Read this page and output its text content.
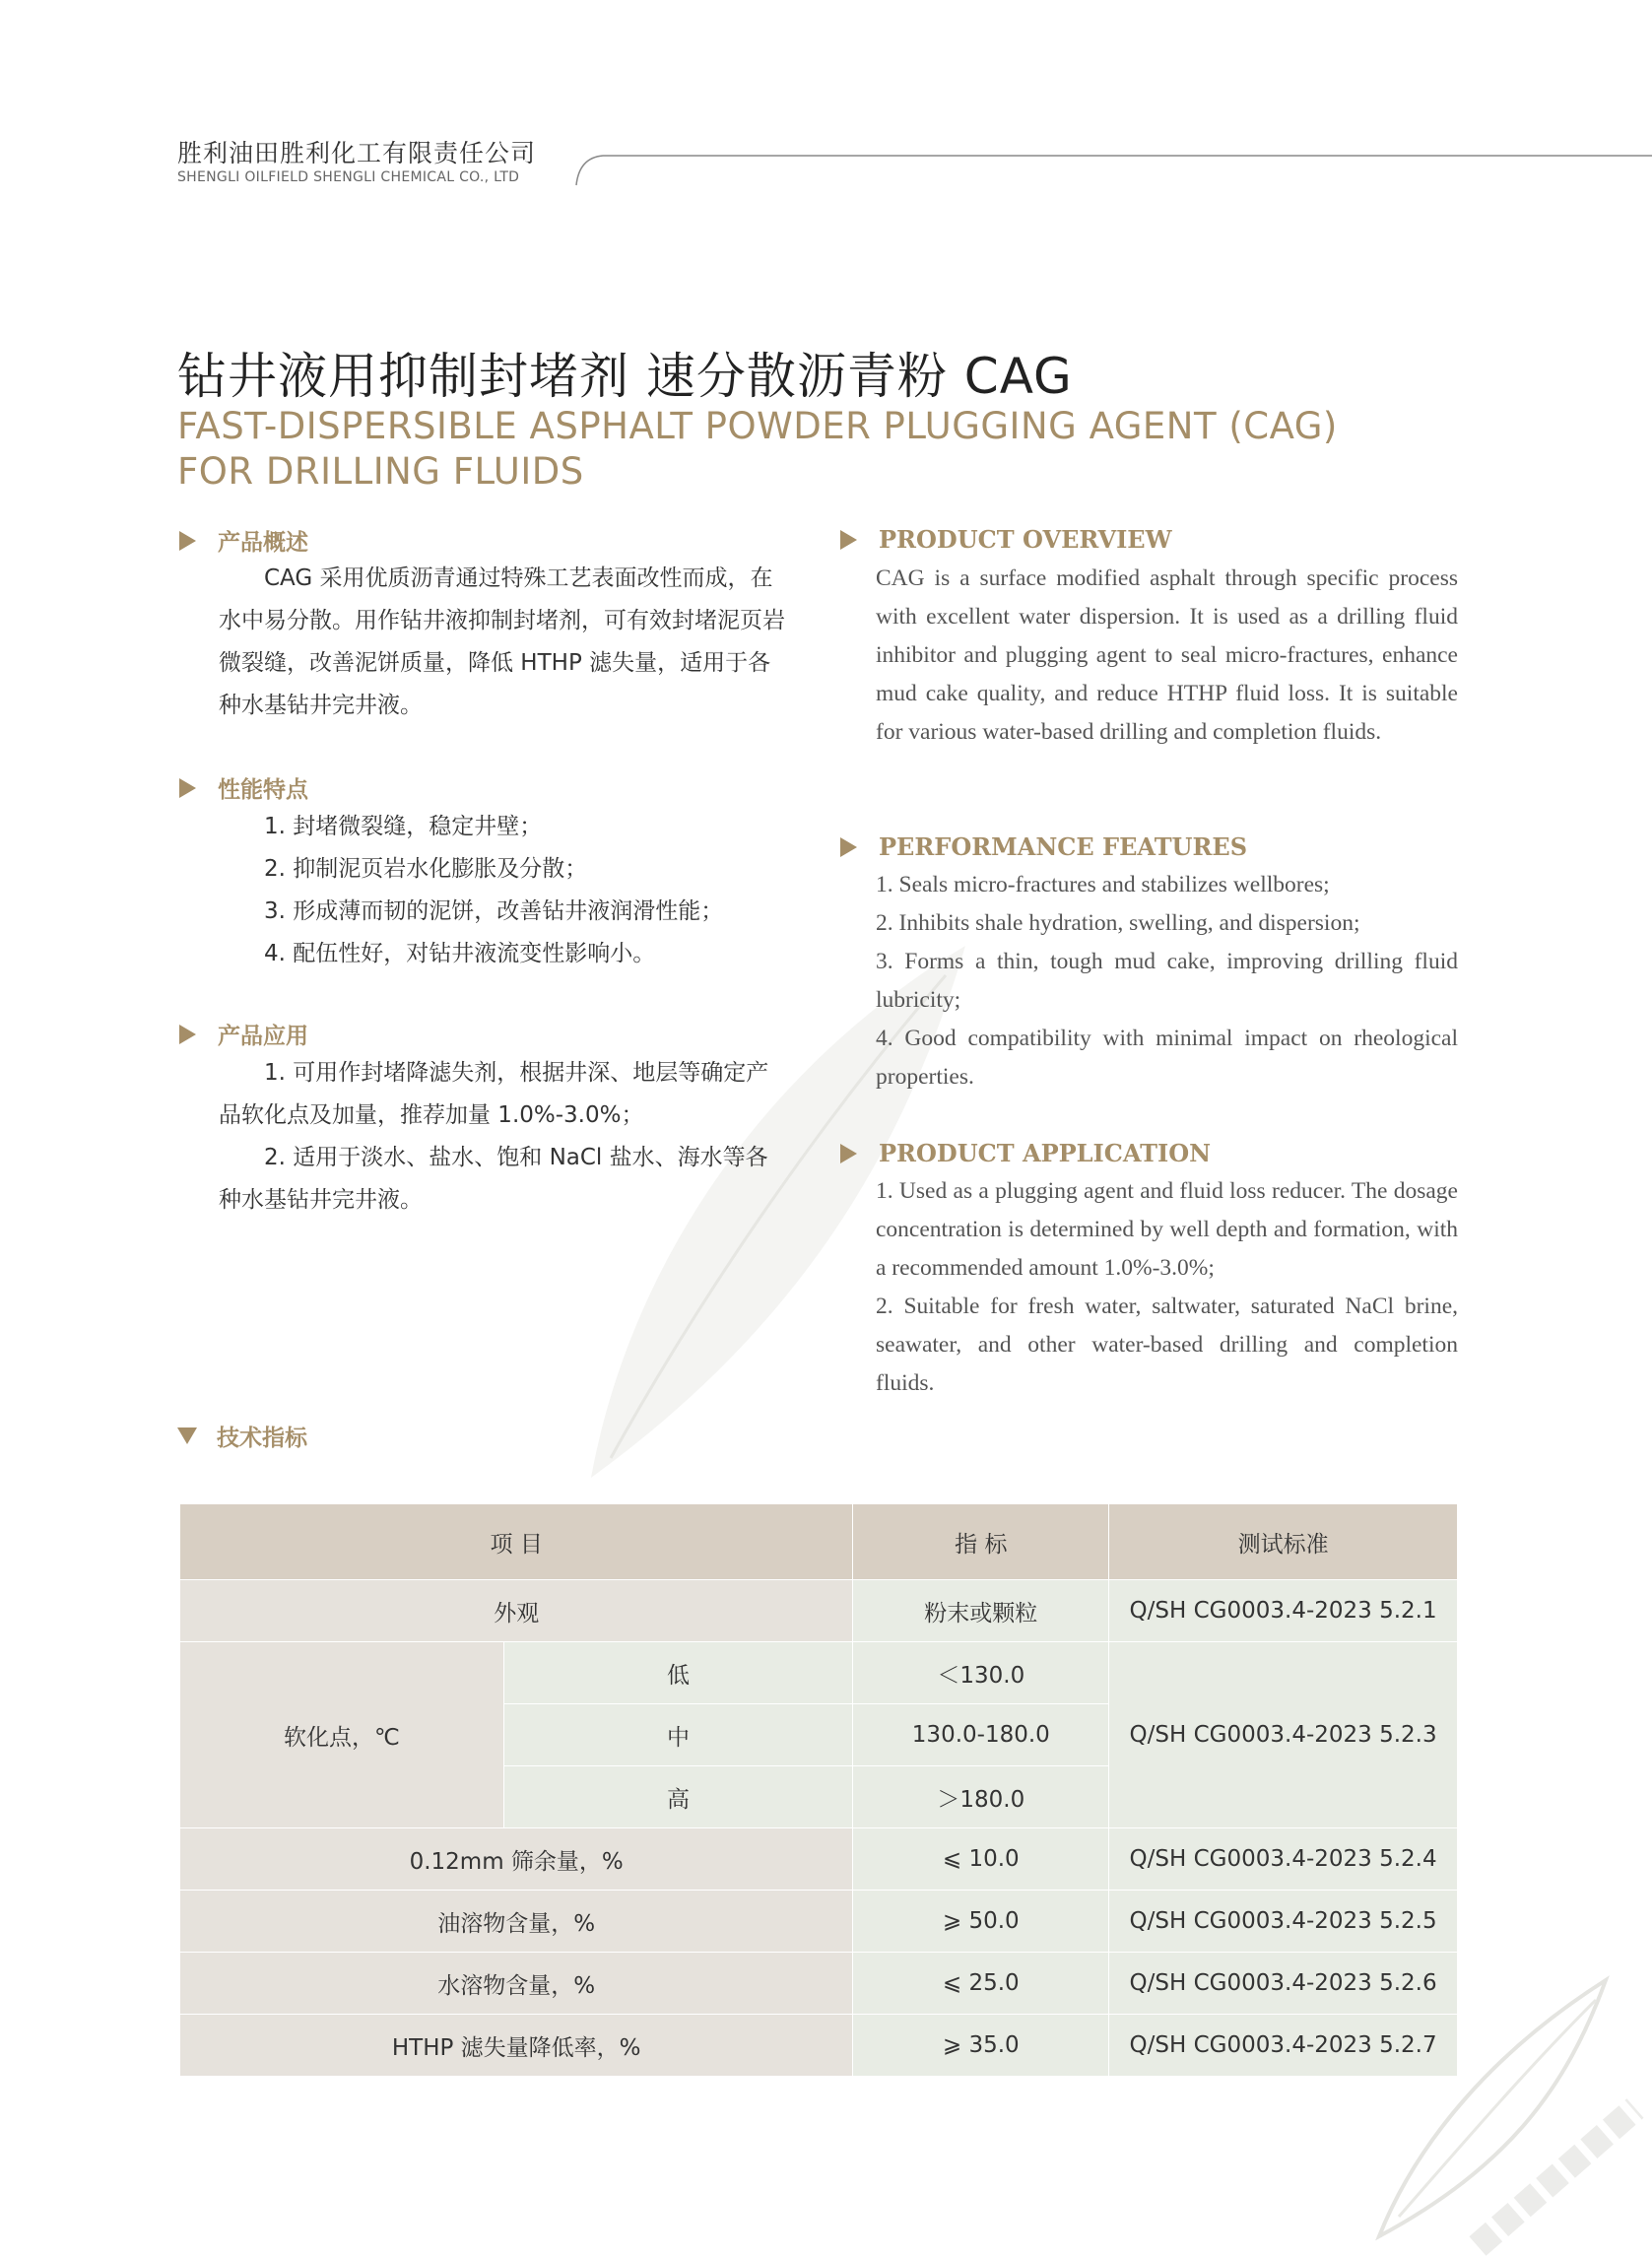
胜利油田胜利化工有限责任公司
SHENGLI OILFIELD SHENGLI CHEMICAL CO., LTD
钻井液用抑制封堵剂 速分散沥青粉 CAG
FAST-DISPERSIBLE ASPHALT POWDER PLUGGING AGENT (CAG) FOR DRILLING FLUIDS
产品概述

CAG 采用优质沥青通过特殊工艺表面改性而成，在水中易分散。用作钻井液抑制封堵剂，可有效封堵泥页岩微裂缝，改善泥饼质量，降低 HTHP 滤失量，适用于各种水基钻井完井液。

性能特点

1. 封堵微裂缝，稳定井壁；

2. 抑制泥页岩水化膨胀及分散；

3. 形成薄而韧的泥饼，改善钻井液润滑性能；

4. 配伍性好，对钻井液流变性影响小。

产品应用

1. 可用作封堵降滤失剂，根据井深、地层等确定产品软化点及加量，推荐加量 1.0%-3.0%；

2. 适用于淡水、盐水、饱和 NaCl 盐水、海水等各种水基钻井完井液。

PRODUCT OVERVIEW

CAG is a surface modified asphalt through specific process with excellent water dispersion. It is used as a drilling fluid inhibitor and plugging agent to seal micro-fractures, enhance mud cake quality, and reduce HTHP fluid loss. It is suitable for various water-based drilling and completion fluids.

PERFORMANCE FEATURES

1. Seals micro-fractures and stabilizes wellbores;

2. Inhibits shale hydration, swelling, and dispersion;

3. Forms a thin, tough mud cake, improving drilling fluid lubricity;

4. Good compatibility with minimal impact on rheological properties.

PRODUCT APPLICATION

1. Used as a plugging agent and fluid loss reducer. The dosage concentration is determined by well depth and formation, with a recommended amount 1.0%-3.0%;

2. Suitable for fresh water, saltwater, saturated NaCl brine, seawater, and other water-based drilling and completion fluids.

技术指标
项 目		指 标	测试标准
外观		粉末或颗粒	Q/SH CG0003.4-2023 5.2.1
软化点，℃	低	＜130.0	Q/SH CG0003.4-2023 5.2.3
	中	130.0-180.0	
	高	＞180.0	
0.12mm 筛余量，%		⩽ 10.0	Q/SH CG0003.4-2023 5.2.4
油溶物含量，%		⩾ 50.0	Q/SH CG0003.4-2023 5.2.5
水溶物含量，%		⩽ 25.0	Q/SH CG0003.4-2023 5.2.6
HTHP 滤失量降低率，%		⩾ 35.0	Q/SH CG0003.4-2023 5.2.7
